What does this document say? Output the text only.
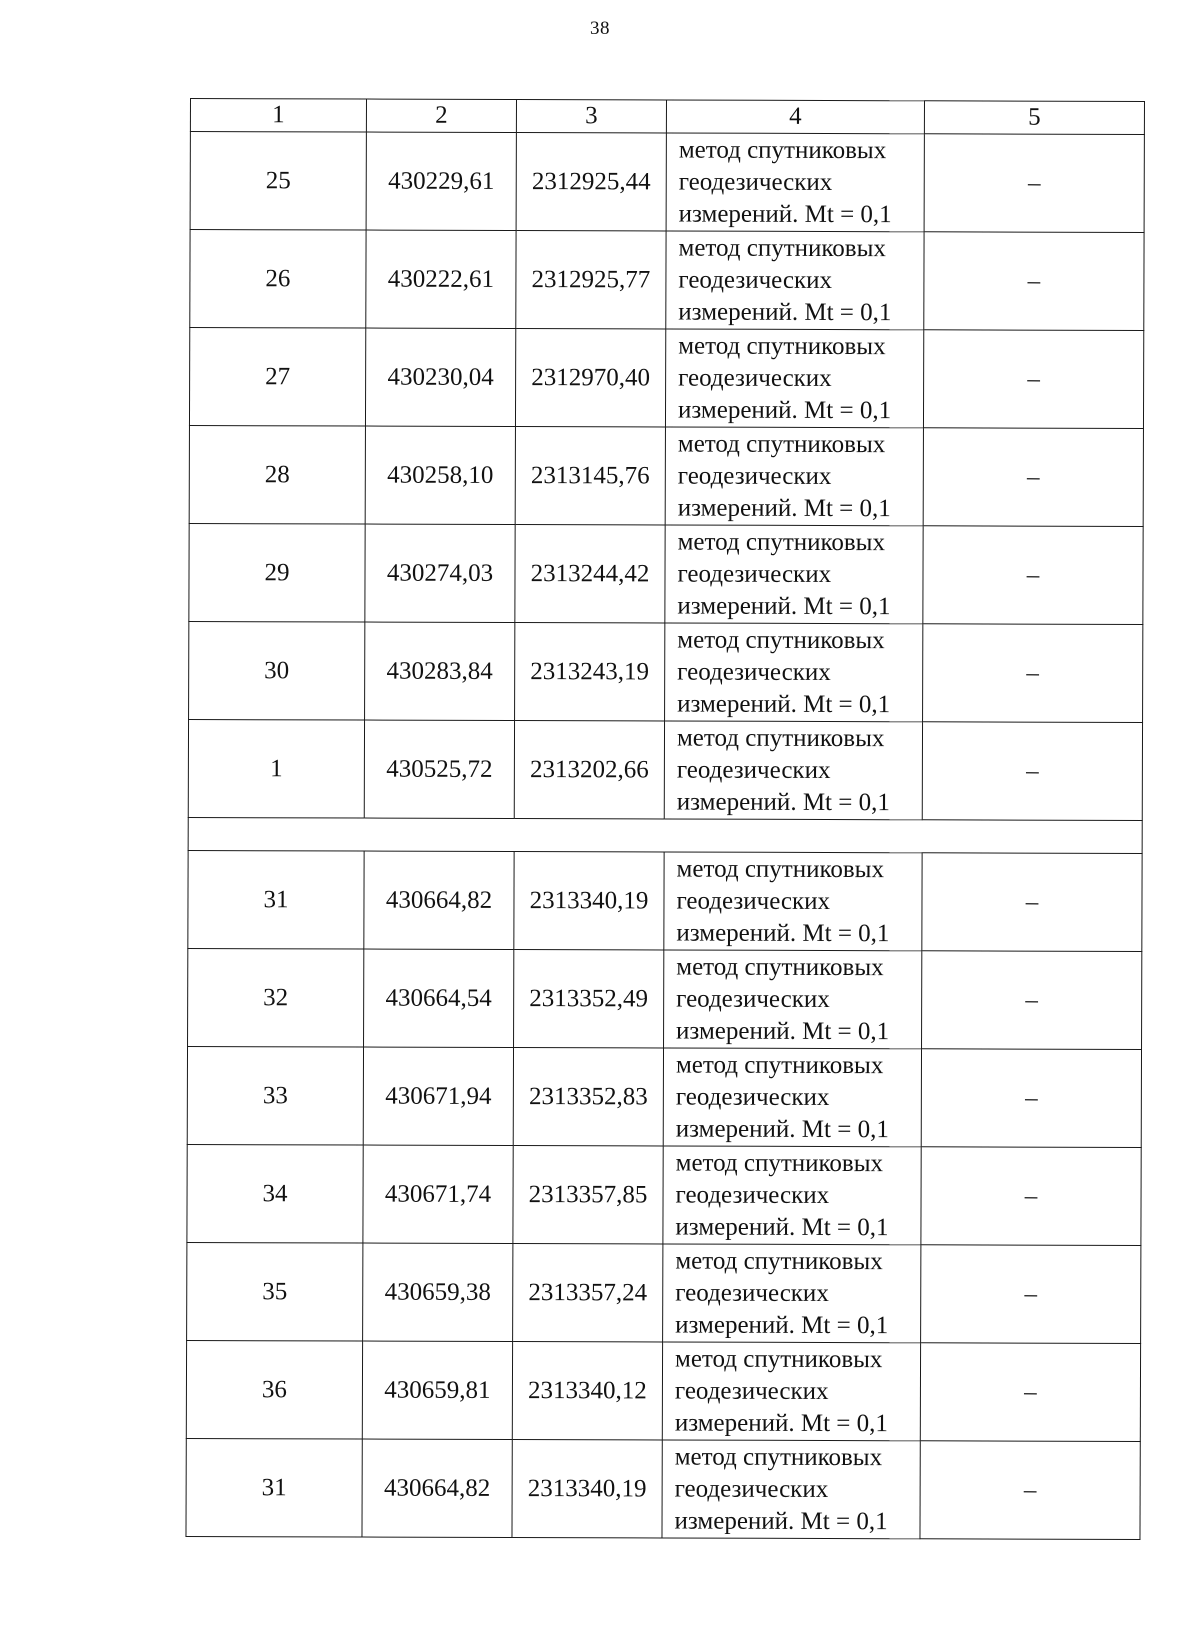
38
1	2	3	4	5
25	430229,61	2312925,44	метод спутниковых
геодезических
измерений. Mt = 0,1	–
26	430222,61	2312925,77	метод спутниковых
геодезических
измерений. Mt = 0,1	–
27	430230,04	2312970,40	метод спутниковых
геодезических
измерений. Mt = 0,1	–
28	430258,10	2313145,76	метод спутниковых
геодезических
измерений. Mt = 0,1	–
29	430274,03	2313244,42	метод спутниковых
геодезических
измерений. Mt = 0,1	–
30	430283,84	2313243,19	метод спутниковых
геодезических
измерений. Mt = 0,1	–
1	430525,72	2313202,66	метод спутниковых
геодезических
измерений. Mt = 0,1	–

31	430664,82	2313340,19	метод спутниковых
геодезических
измерений. Mt = 0,1	–
32	430664,54	2313352,49	метод спутниковых
геодезических
измерений. Mt = 0,1	–
33	430671,94	2313352,83	метод спутниковых
геодезических
измерений. Mt = 0,1	–
34	430671,74	2313357,85	метод спутниковых
геодезических
измерений. Mt = 0,1	–
35	430659,38	2313357,24	метод спутниковых
геодезических
измерений. Mt = 0,1	–
36	430659,81	2313340,12	метод спутниковых
геодезических
измерений. Mt = 0,1	–
31	430664,82	2313340,19	метод спутниковых
геодезических
измерений. Mt = 0,1	–
